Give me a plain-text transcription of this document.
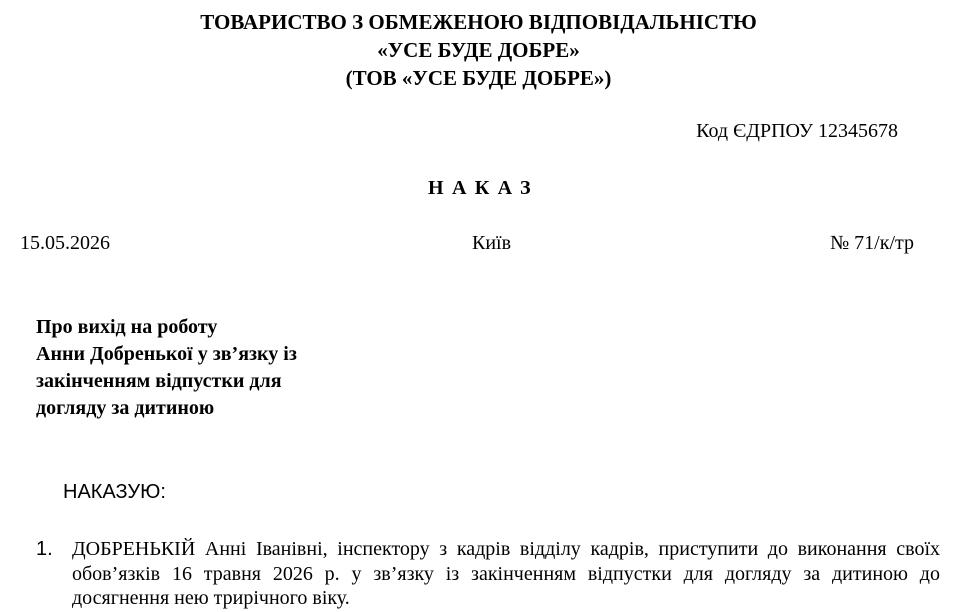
ТОВАРИСТВО З ОБМЕЖЕНОЮ ВІДПОВІДАЛЬНІСТЮ
«УСЕ БУДЕ ДОБРЕ»
(ТОВ «УСЕ БУДЕ ДОБРЕ»)
Код ЄДРПОУ 12345678
НАКАЗ
15.05.2026	Київ	№ 71/к/тр
Про вихід на роботу
Анни Добренької у зв’язку із
закінченням відпустки для
догляду за дитиною
НАКАЗУЮ:
1. ДОБРЕНЬКІЙ Анні Іванівні, інспектору з кадрів відділу кадрів, приступити до виконання своїх обов’язків 16 травня 2026 р. у зв’язку із закінченням відпустки для догляду за дитиною до досягнення нею трирічного віку.
